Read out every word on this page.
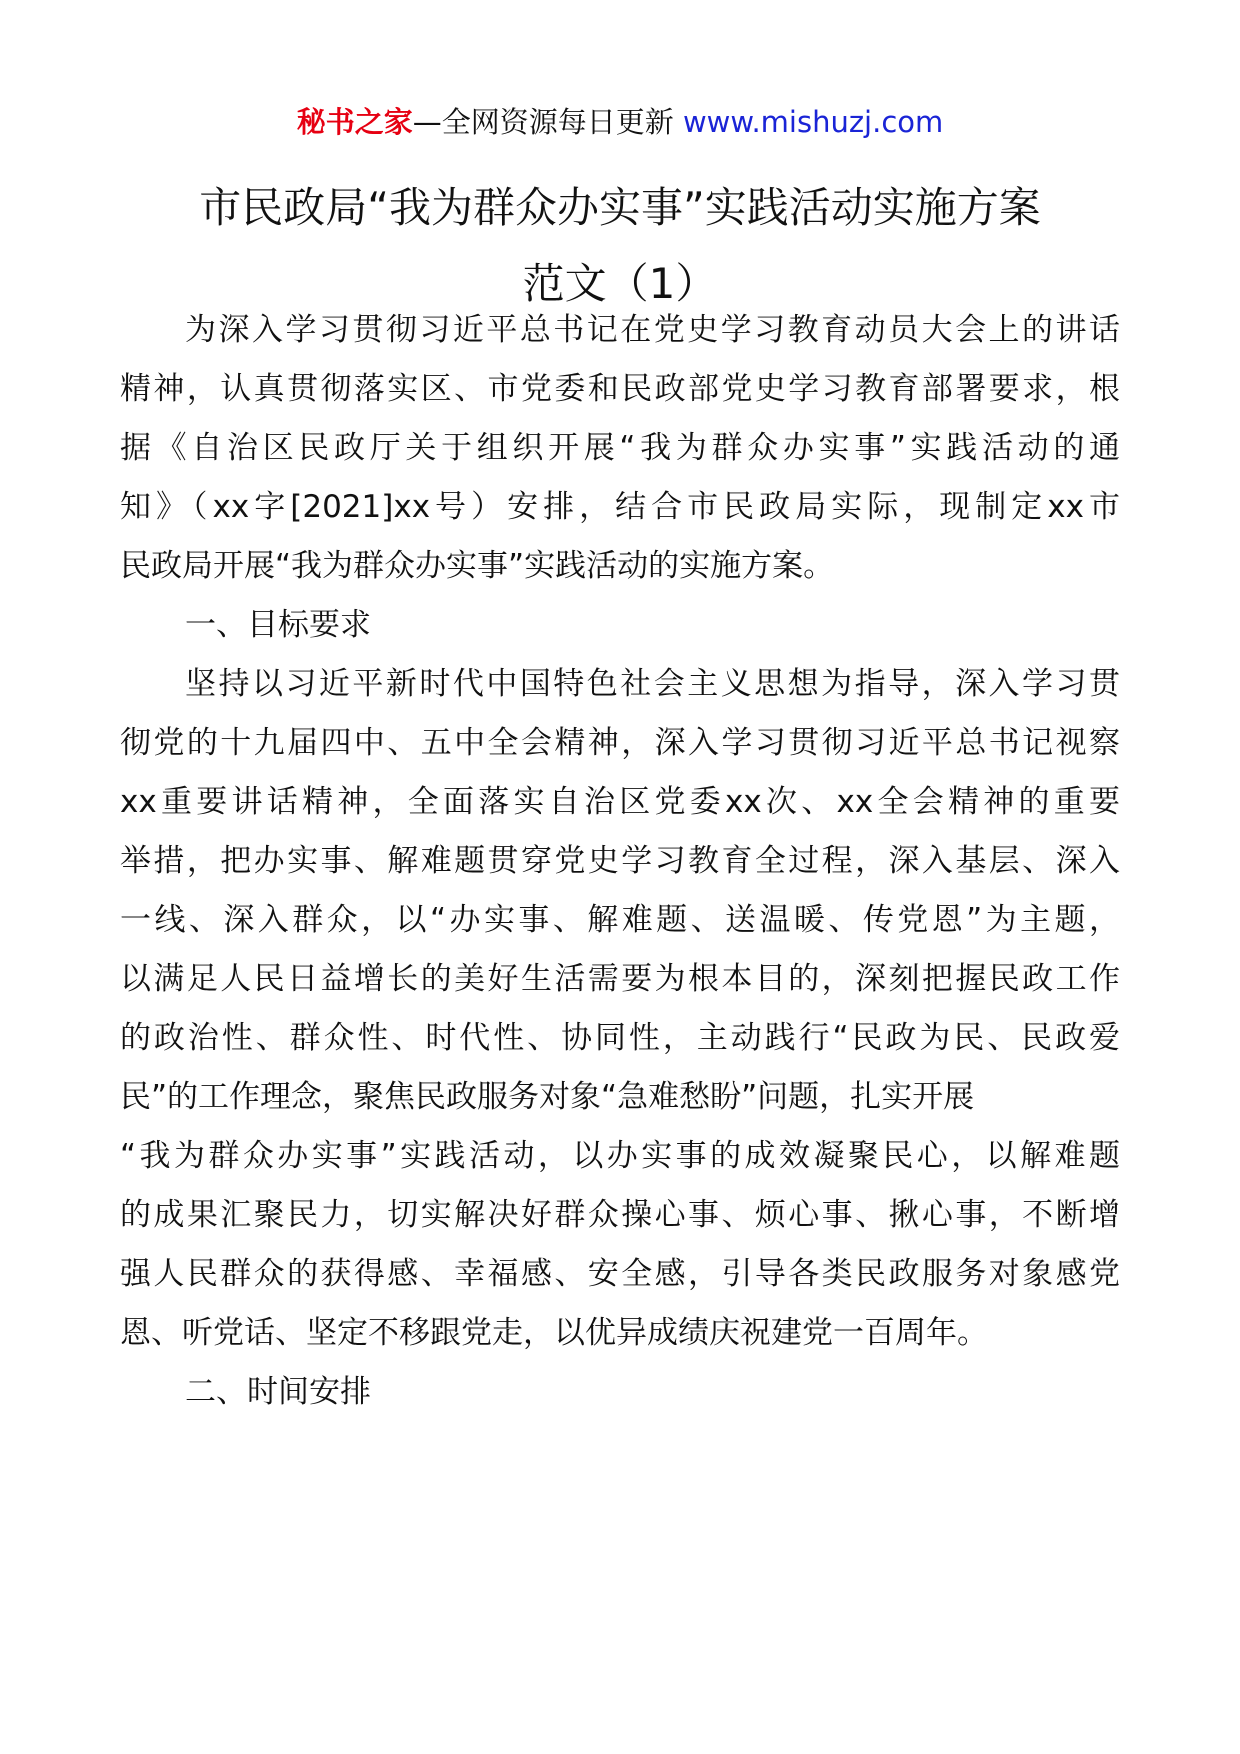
秘书之家—全网资源每日更新 www.mishuzj.com
市民政局“我为群众办实事”实践活动实施方案
范文（1）
为深入学习贯彻习近平总书记在党史学习教育动员大会上的讲话
精神，认真贯彻落实区、市党委和民政部党史学习教育部署要求，根
据《自治区民政厅关于组织开展“我为群众办实事”实践活动的通
知》（xx字[2021]xx号）安排，结合市民政局实际，现制定xx市
民政局开展“我为群众办实事”实践活动的实施方案。
一、目标要求
坚持以习近平新时代中国特色社会主义思想为指导，深入学习贯
彻党的十九届四中、五中全会精神，深入学习贯彻习近平总书记视察
xx重要讲话精神，全面落实自治区党委xx次、xx全会精神的重要
举措，把办实事、解难题贯穿党史学习教育全过程，深入基层、深入
一线、深入群众，以“办实事、解难题、送温暖、传党恩”为主题，
以满足人民日益增长的美好生活需要为根本目的，深刻把握民政工作
的政治性、群众性、时代性、协同性，主动践行“民政为民、民政爱
民”的工作理念，聚焦民政服务对象“急难愁盼”问题，扎实开展
“我为群众办实事”实践活动，以办实事的成效凝聚民心，以解难题
的成果汇聚民力，切实解决好群众操心事、烦心事、揪心事，不断增
强人民群众的获得感、幸福感、安全感，引导各类民政服务对象感党
恩、听党话、坚定不移跟党走，以优异成绩庆祝建党一百周年。
二、时间安排
